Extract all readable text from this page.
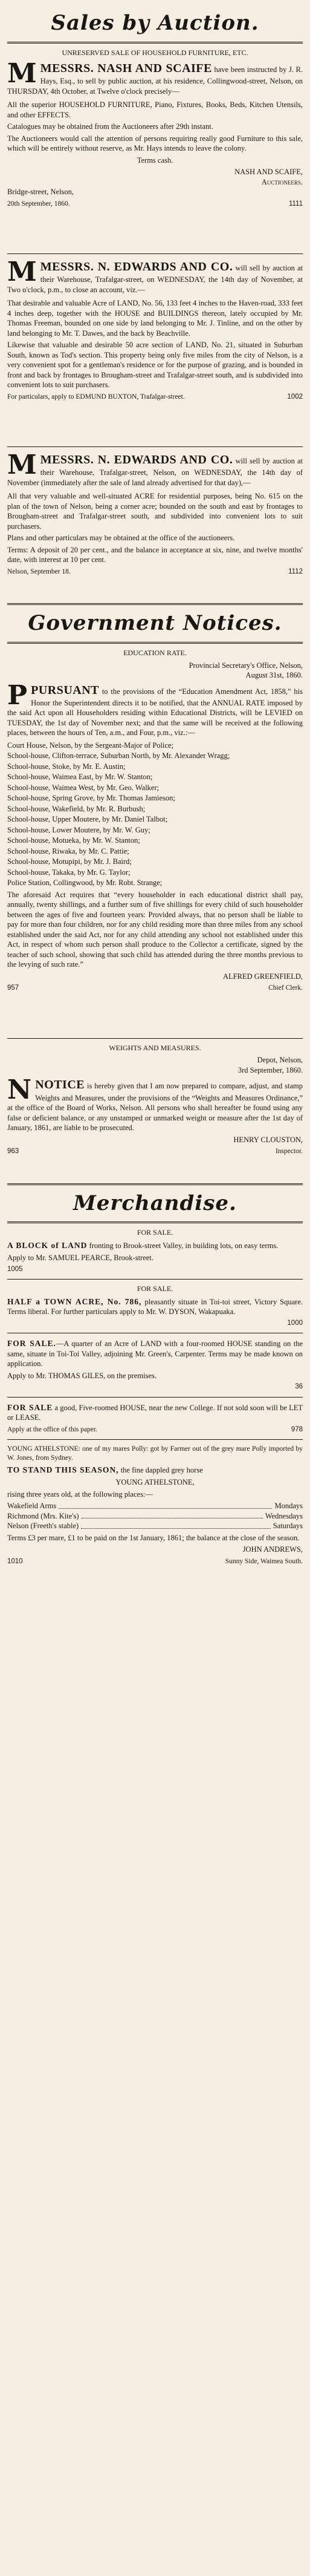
Sales by Auction.
UNRESERVED SALE OF HOUSEHOLD FURNITURE, ETC.

MMESSRS. NASH AND SCAIFE have been instructed by J. R. Hays, Esq., to sell by public auction, at his residence, Collingwood-street, Nelson, on THURSDAY, 4th October, at Twelve o'clock precisely—

All the superior HOUSEHOLD FURNITURE, Piano, Fixtures, Books, Beds, Kitchen Utensils, and other EFFECTS.

Catalogues may be obtained from the Auctioneers after 29th instant.

The Auctioneers would call the attention of persons requiring really good Furniture to this sale, which will be entirely without reserve, as Mr. Hays intends to leave the colony.

Terms cash.

NASH AND SCAIFE,
Auctioneers.
Bridge-street, Nelson,
20th September, 1860.	1111

MMESSRS. N. EDWARDS AND CO. will sell by auction at their Warehouse, Trafalgar-street, on WEDNESDAY, the 14th day of November, at Two o'clock, p.m., to close an account, viz.—

That desirable and valuable Acre of LAND, No. 56, 133 feet 4 inches to the Haven-road, 333 feet 4 inches deep, together with the HOUSE and BUILDINGS thereon, lately occupied by Mr. Thomas Freeman, bounded on one side by land belonging to Mr. J. Tinline, and on the other by land belonging to Mr. T. Dawes, and the back by Beachville.

Likewise that valuable and desirable 50 acre section of LAND, No. 21, situated in Suburban South, known as Tod's section. This property being only five miles from the city of Nelson, is a very convenient spot for a gentleman's residence or for the purpose of grazing, and is bounded in front and back by frontages to Brougham-street and Trafalgar-street south, and is subdivided into convenient lots to suit purchasers.

For particulars, apply to EDMUND BUXTON, Trafalgar-street.	1002

MMESSRS. N. EDWARDS AND CO. will sell by auction at their Warehouse, Trafalgar-street, Nelson, on WEDNESDAY, the 14th day of November (immediately after the sale of land already advertised for that day),—

All that very valuable and well-situated ACRE for residential purposes, being No. 615 on the plan of the town of Nelson, being a corner acre; bounded on the south and east by frontages to Brougham-street and Trafalgar-street south, and subdivided into convenient lots to suit purchasers.

Plans and other particulars may be obtained at the office of the auctioneers.

Terms: A deposit of 20 per cent., and the balance in acceptance at six, nine, and twelve months' date, with interest at 10 per cent.

Nelson, September 18.	1112
Government Notices.
EDUCATION RATE.
Provincial Secretary's Office, Nelson,
August 31st, 1860.

PPURSUANT to the provisions of the “Education Amendment Act, 1858,” his Honor the Superintendent directs it to be notified, that the ANNUAL RATE imposed by the said Act upon all Householders residing within Educational Districts, will be LEVIED on TUESDAY, the 1st day of November next; and that the same will be received at the following places, between the hours of Ten, a.m., and Four, p.m., viz.:—

Court House, Nelson, by the Sergeant-Major of Police;
School-house, Clifton-terrace, Suburban North, by Mr. Alexander Wragg;
School-house, Stoke, by Mr. E. Austin;
School-house, Waimea East, by Mr. W. Stanton;
School-house, Waimea West, by Mr. Geo. Walker;
School-house, Spring Grove, by Mr. Thomas Jamieson;
School-house, Wakefield, by Mr. R. Burbush;
School-house, Upper Moutere, by Mr. Daniel Talbot;
School-house, Lower Moutere, by Mr. W. Guy;
School-house, Motueka, by Mr. W. Stanton;
School-house, Riwaka, by Mr. C. Pattie;
School-house, Motupipi, by Mr. J. Baird;
School-house, Takaka, by Mr. G. Taylor;
Police Station, Collingwood, by Mr. Robt. Strange;

The aforesaid Act requires that “every householder in each educational district shall pay, annually, twenty shillings, and a further sum of five shillings for every child of such householder between the ages of five and fourteen years: Provided always, that no person shall be liable to pay for more than four children, nor for any child residing more than three miles from any school established under the said Act, nor for any child attending any school not established under this Act, in respect of whom such person shall produce to the Collector a certificate, signed by the teacher of such school, showing that such child has attended during the three months previous to the levying of such rate.”

ALFRED GREENFIELD,
957	Chief Clerk.
WEIGHTS AND MEASURES.
Depot, Nelson,
3rd September, 1860.

NNOTICE is hereby given that I am now prepared to compare, adjust, and stamp Weights and Measures, under the provisions of the “Weights and Measures Ordinance,” at the office of the Board of Works, Nelson. All persons who shall hereafter be found using any false or deficient balance, or any unstamped or unmarked weight or measure after the 1st day of January, 1861, are liable to be prosecuted.

HENRY CLOUSTON,
963	Inspector.
Merchandise.
FOR SALE.

A BLOCK of LAND fronting to Brook-street Valley, in building lots, on easy terms.

Apply to Mr. SAMUEL PEARCE, Brook-street.

1005
FOR SALE.

HALF a TOWN ACRE, No. 786, pleasantly situate in Toi-toi street, Victory Square. Terms liberal. For further particulars apply to Mr. W. DYSON, Wakapuaka.

1000

FOR SALE.—A quarter of an Acre of LAND with a four-roomed HOUSE standing on the same, situate in Toi-Toi Valley, adjoining Mr. Green's, Carpenter. Terms may be made known on application.

Apply to Mr. THOMAS GILES, on the premises.

36

FOR SALE a good, Five-roomed HOUSE, near the new College. If not sold soon will be LET or LEASE.

Apply at the office of this paper.	978

YOUNG ATHELSTONE: one of my mares Polly: got by Farmer out of the grey mare Polly imported by W. Jones, from Sydney.

TO STAND THIS SEASON, the fine dappled grey horse

YOUNG ATHELSTONE,

rising three years old, at the following places:—

Wakefield Arms	Mondays
Richmond (Mrs. Kite's)	Wednesdays
Nelson (Freeth's stable)	Saturdays

Terms £3 per mare, £1 to be paid on the 1st January, 1861; the balance at the close of the season.

JOHN ANDREWS,
1010	Sunny Side, Waimea South.
